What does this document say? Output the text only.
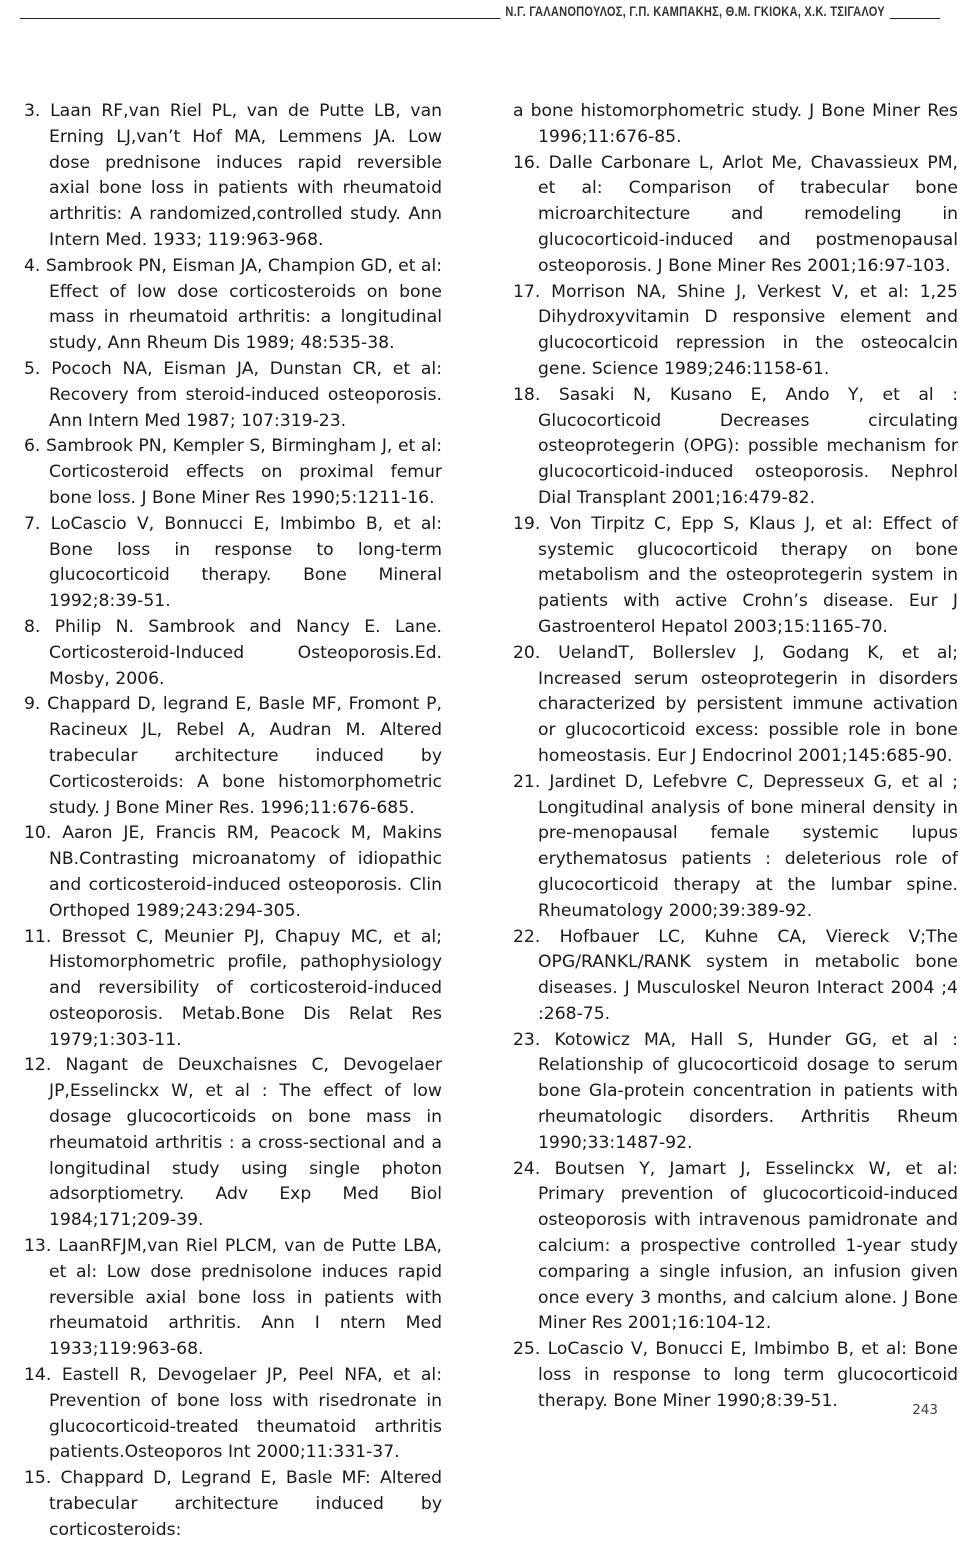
Ν.Γ. ΓΑΛΑΝΟΠΟΥΛΟΣ, Γ.Π. ΚΑΜΠΑΚΗΣ, Θ.Μ. ΓΚΙΟΚΑ, Χ.Κ. ΤΣΙΓΑΛΟΥ

3. Laan RF,van Riel PL, van de Putte LB, van Erning LJ,van’t Hof MA, Lemmens JA. Low dose prednisone induces rapid reversible axial bone loss in patients with rheumatoid arthritis: A randomized,controlled study. Ann Intern Med. 1933; 119:963-968.

4. Sambrook PN, Eisman JA, Champion GD, et al: Effect of low dose corticosteroids on bone mass in rheumatoid arthritis: a longitudinal study, Ann Rheum Dis 1989; 48:535-38.

5. Pococh NA, Eisman JA, Dunstan CR, et al: Recovery from steroid-induced osteoporosis. Ann Intern Med 1987; 107:319-23.

6. Sambrook PN, Kempler S, Birmingham J, et al: Corticosteroid effects on proximal femur bone loss. J Bone Miner Res 1990;5:1211-16.

7. LoCascio V, Bonnucci E, Imbimbo B, et al: Bone loss in response to long-term glucocorticoid therapy. Bone Mineral 1992;8:39-51.

8. Philip N. Sambrook and Nancy E. Lane. Corticosteroid-Induced Osteoporosis.Ed. Mosby, 2006.

9. Chappard D, legrand E, Basle MF, Fromont P, Racineux JL, Rebel A, Audran M. Altered trabecular architecture induced by Corticosteroids: A bone histomorphometric study. J Bone Miner Res. 1996;11:676-685.

10. Aaron JE, Francis RM, Peacock M, Makins NB.Contrasting microanatomy of idiopathic and corticosteroid-induced osteoporosis. Clin Orthoped 1989;243:294-305.

11. Bressot C, Meunier PJ, Chapuy MC, et al; Histomorphometric profile, pathophysiology and reversibility of corticosteroid-induced osteoporosis. Metab.Bone Dis Relat Res 1979;1:303-11.

12. Nagant de Deuxchaisnes C, Devogelaer JP,Esselinckx W, et al : The effect of low dosage glucocorticoids on bone mass in rheumatoid arthritis : a cross-sectional and a longitudinal study using single photon adsorptiometry. Adv Exp Med Biol 1984;171;209-39.

13. LaanRFJM,van Riel PLCM, van de Putte LBA, et al: Low dose prednisolone induces rapid reversible axial bone loss in patients with rheumatoid arthritis. Ann I ntern Med 1933;119:963-68.

14. Eastell R, Devogelaer JP, Peel NFA, et al: Prevention of bone loss with risedronate in glucocorticoid-treated theumatoid arthritis patients.Osteoporos Int 2000;11:331-37.

15. Chappard D, Legrand E, Basle MF: Altered trabecular architecture induced by corticosteroids:

a bone histomorphometric study. J Bone Miner Res 1996;11:676-85.

16. Dalle Carbonare L, Arlot Me, Chavassieux PM, et al: Comparison of trabecular bone microarchitecture and remodeling in glucocorticoid-induced and postmenopausal osteoporosis. J Bone Miner Res 2001;16:97-103.

17. Morrison NA, Shine J, Verkest V, et al: 1,25 Dihydroxyvitamin D responsive element and glucocorticoid repression in the osteocalcin gene. Science 1989;246:1158-61.

18. Sasaki N, Kusano E, Ando Y, et al : Glucocorticoid Decreases circulating osteoprotegerin (OPG): possible mechanism for glucocorticoid-induced osteoporosis. Nephrol Dial Transplant 2001;16:479-82.

19. Von Tirpitz C, Epp S, Klaus J, et al: Effect of systemic glucocorticoid therapy on bone metabolism and the osteoprotegerin system in patients with active Crohn’s disease. Eur J Gastroenterol Hepatol 2003;15:1165-70.

20. UelandT, Bollerslev J, Godang K, et al; Increased serum osteoprotegerin in disorders characterized by persistent immune activation or glucocorticoid excess: possible role in bone homeostasis. Eur J Endocrinol 2001;145:685-90.

21. Jardinet D, Lefebvre C, Depresseux G, et al ; Longitudinal analysis of bone mineral density in pre-menopausal female systemic lupus erythematosus patients : deleterious role of glucocorticoid therapy at the lumbar spine. Rheumatology 2000;39:389-92.

22. Hofbauer LC, Kuhne CA, Viereck V;The OPG/RANKL/RANK system in metabolic bone diseases. J Musculoskel Neuron Interact 2004 ;4 :268-75.

23. Kotowicz MA, Hall S, Hunder GG, et al : Relationship of glucocorticoid dosage to serum bone Gla-protein concentration in patients with rheumatologic disorders. Arthritis Rheum 1990;33:1487-92.

24. Boutsen Y, Jamart J, Esselinckx W, et al: Primary prevention of glucocorticoid-induced osteoporosis with intravenous pamidronate and calcium: a prospective controlled 1-year study comparing a single infusion, an infusion given once every 3 months, and calcium alone. J Bone Miner Res 2001;16:104-12.

25. LoCascio V, Bonucci E, Imbimbo B, et al: Bone loss in response to long term glucocorticoid therapy. Bone Miner 1990;8:39-51.	243
